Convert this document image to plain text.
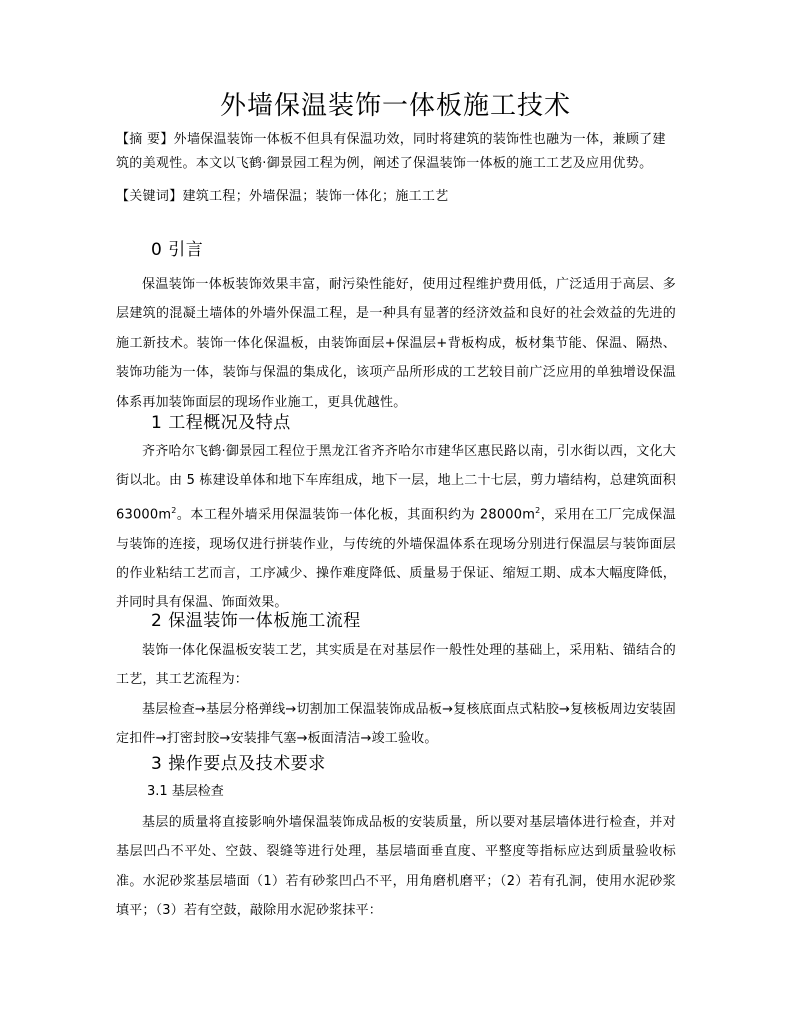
外墙保温装饰一体板施工技术
【摘 要】外墙保温装饰一体板不但具有保温功效，同时将建筑的装饰性也融为一体，兼顾了建筑的美观性。本文以飞鹤·御景园工程为例，阐述了保温装饰一体板的施工工艺及应用优势。
【关键词】建筑工程；外墙保温；装饰一体化；施工工艺
0 引言

保温装饰一体板装饰效果丰富，耐污染性能好，使用过程维护费用低，广泛适用于高层、多层建筑的混凝土墙体的外墙外保温工程，是一种具有显著的经济效益和良好的社会效益的先进的施工新技术。装饰一体化保温板，由装饰面层+保温层+背板构成，板材集节能、保温、隔热、装饰功能为一体，装饰与保温的集成化，该项产品所形成的工艺较目前广泛应用的单独增设保温体系再加装饰面层的现场作业施工，更具优越性。

1 工程概况及特点

齐齐哈尔飞鹤·御景园工程位于黑龙江省齐齐哈尔市建华区惠民路以南，引水街以西，文化大街以北。由 5 栋建设单体和地下车库组成，地下一层，地上二十七层，剪力墙结构，总建筑面积 $63000m^2$。本工程外墙采用保温装饰一体化板，其面积约为 $28000m^2$，采用在工厂完成保温与装饰的连接，现场仅进行拼装作业，与传统的外墙保温体系在现场分别进行保温层与装饰面层的作业粘结工艺而言，工序减少、操作难度降低、质量易于保证、缩短工期、成本大幅度降低，并同时具有保温、饰面效果。

2 保温装饰一体板施工流程

装饰一体化保温板安装工艺，其实质是在对基层作一般性处理的基础上，采用粘、锚结合的工艺，其工艺流程为：

基层检查→基层分格弹线→切割加工保温装饰成品板→复核底面点式粘胶→复核板周边安装固定扣件→打密封胶→安装排气塞→板面清洁→竣工验收。

3 操作要点及技术要求
3.1 基层检查

基层的质量将直接影响外墙保温装饰成品板的安装质量，所以要对基层墙体进行检查，并对基层凹凸不平处、空鼓、裂缝等进行处理，基层墙面垂直度、平整度等指标应达到质量验收标准。水泥砂浆基层墙面（1）若有砂浆凹凸不平，用角磨机磨平；（2）若有孔洞，使用水泥砂浆填平；（3）若有空鼓，敲除用水泥砂浆抹平：
